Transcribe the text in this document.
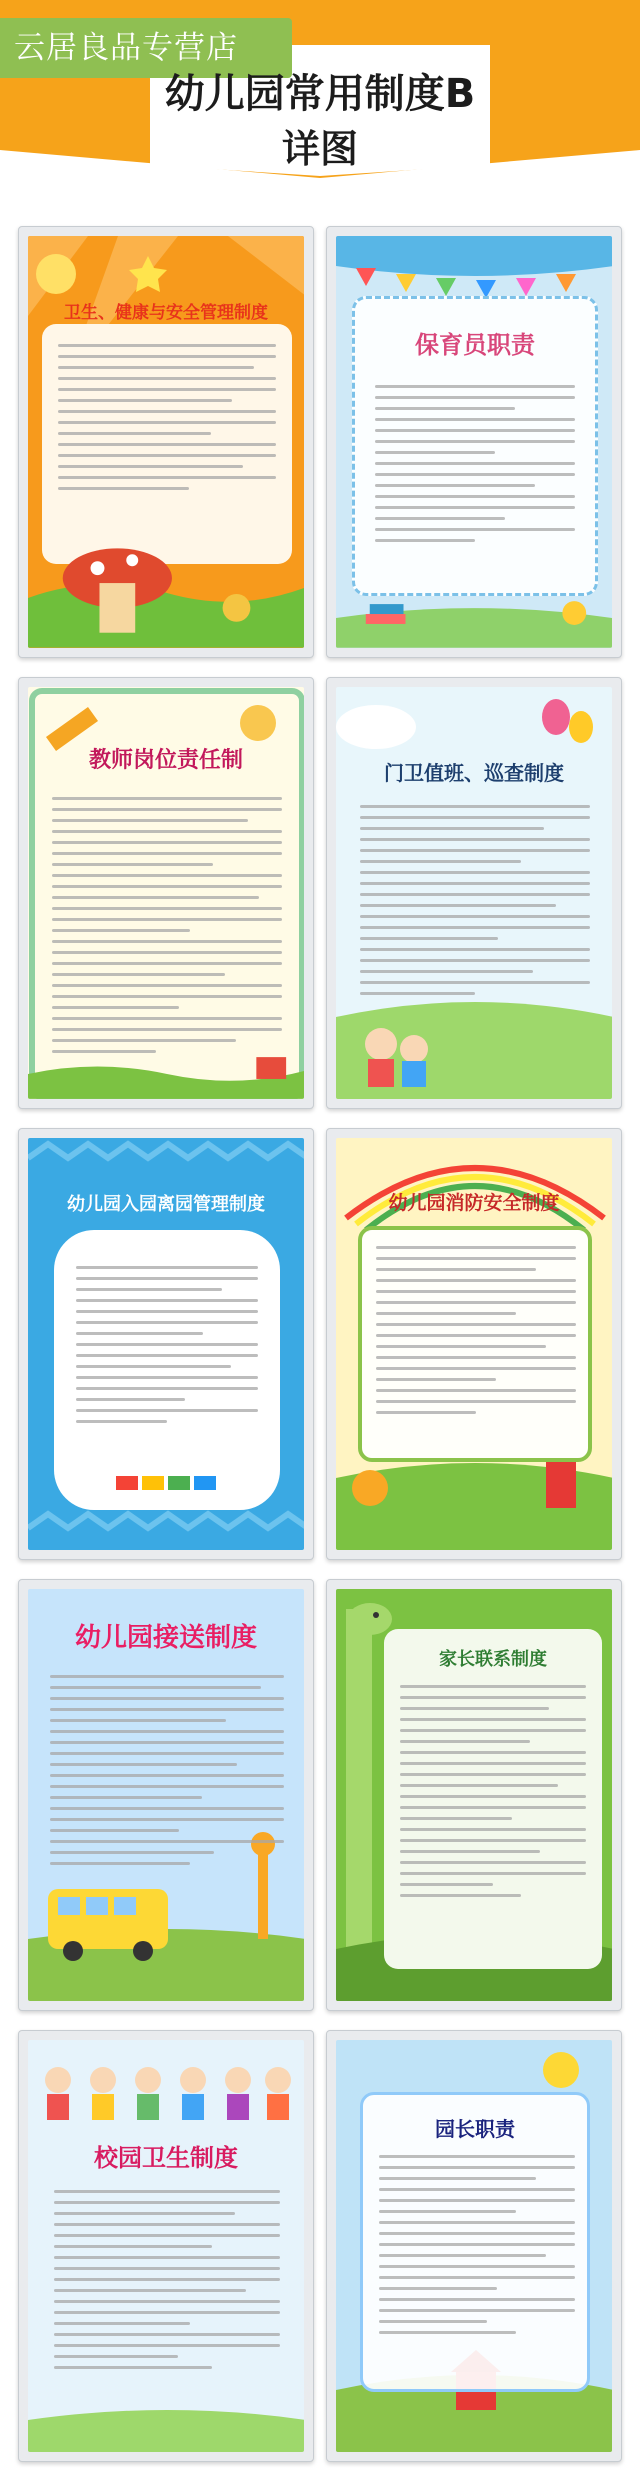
云居良品专营店
幼儿园常用制度B
详图
卫生、健康与安全管理制度
保育员职责
教师岗位责任制	门卫值班、巡查制度
幼儿园入园离园管理制度	幼儿园消防安全制度
幼儿园接送制度
家长联系制度
校园卫生制度
园长职责
